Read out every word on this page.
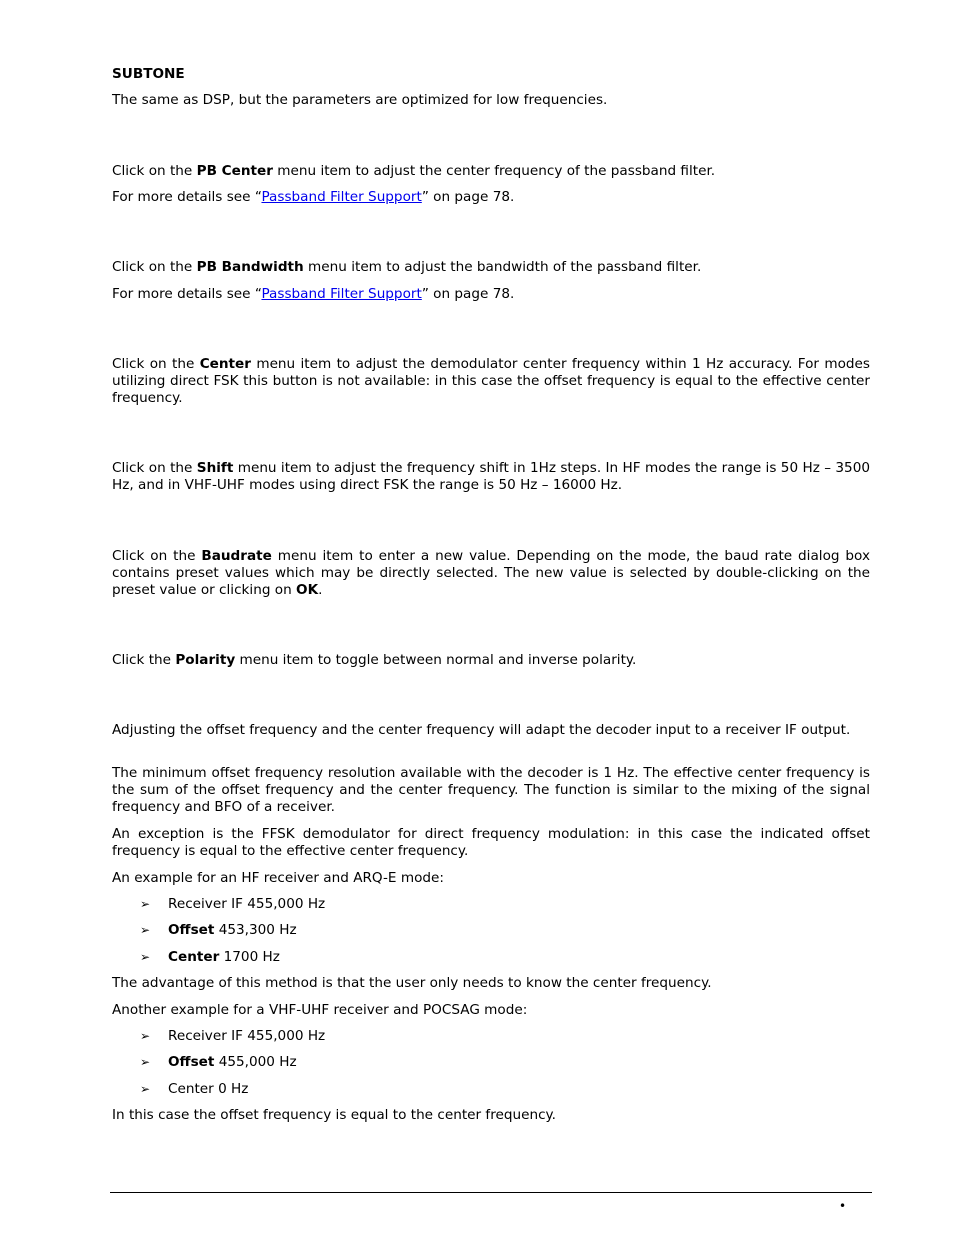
SUBTONE

The same as DSP, but the parameters are optimized for low frequencies.

Click on the PB Center menu item to adjust the center frequency of the passband filter.

For more details see “Passband Filter Support” on page 78.

Click on the PB Bandwidth menu item to adjust the bandwidth of the passband filter.

For more details see “Passband Filter Support” on page 78.

Click on the Center menu item to adjust the demodulator center frequency within 1 Hz accuracy. For modes utilizing direct FSK this button is not available: in this case the offset frequency is equal to the effective center frequency.

Click on the Shift menu item to adjust the frequency shift in 1Hz steps. In HF modes the range is 50 Hz – 3500 Hz, and in VHF-UHF modes using direct FSK the range is 50 Hz – 16000 Hz.

Click on the Baudrate menu item to enter a new value. Depending on the mode, the baud rate dialog box contains preset values which may be directly selected. The new value is selected by double-clicking on the preset value or clicking on OK.

Click the Polarity menu item to toggle between normal and inverse polarity.

Adjusting the offset frequency and the center frequency will adapt the decoder input to a receiver IF output.

The minimum offset frequency resolution available with the decoder is 1 Hz. The effective center frequency is the sum of the offset frequency and the center frequency. The function is similar to the mixing of the signal frequency and BFO of a receiver.

An exception is the FFSK demodulator for direct frequency modulation: in this case the indicated offset frequency is equal to the effective center frequency.

An example for an HF receiver and ARQ-E mode:

➢ Receiver IF 455,000 Hz

➢ Offset 453,300 Hz

➢ Center 1700 Hz

The advantage of this method is that the user only needs to know the center frequency.

Another example for a VHF-UHF receiver and POCSAG mode:

➢ Receiver IF 455,000 Hz

➢ Offset 455,000 Hz

➢ Center 0 Hz

In this case the offset frequency is equal to the center frequency.

•
